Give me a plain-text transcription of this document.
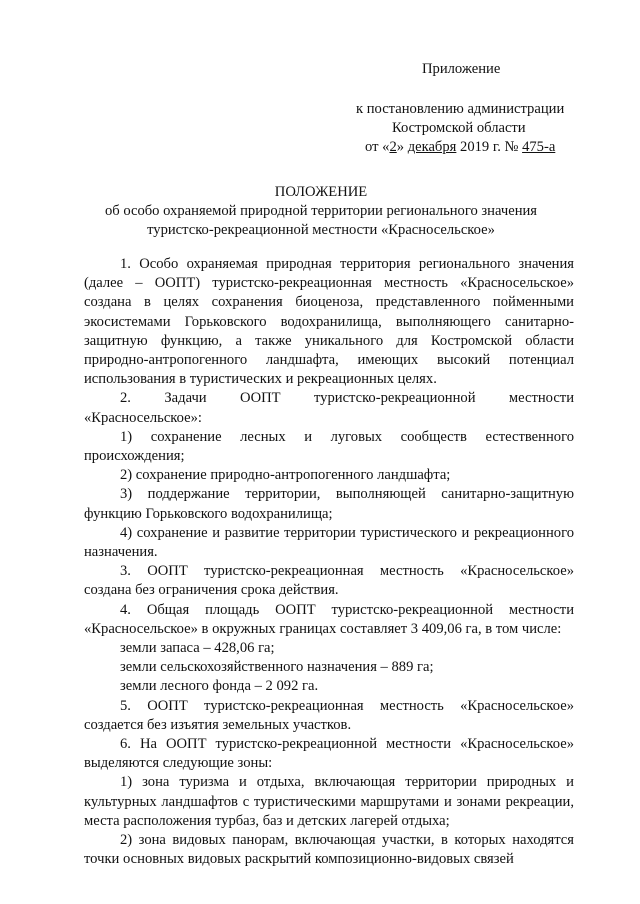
Приложение
к постановлению администрации
Костромской области
от «2» декабря 2019 г. № 475-а
ПОЛОЖЕНИЕ
об особо охраняемой природной территории регионального значения
туристско-рекреационной местности «Красносельское»

1. Особо охраняемая природная территория регионального значения (далее – ООПТ) туристско-рекреационная местность «Красносельское» создана в целях сохранения биоценоза, представленного пойменными экосистемами Горьковского водохранилища, выполняющего санитарно-защитную функцию, а также уникального для Костромской области природно-антропогенного ландшафта, имеющих высокий потенциал использования в туристических и рекреационных целях.

2. Задачи ООПТ туристско-рекреационной местности «Красносельское»:

1) сохранение лесных и луговых сообществ естественного происхождения;

2) сохранение природно-антропогенного ландшафта;

3) поддержание территории, выполняющей санитарно-защитную функцию Горьковского водохранилища;

4) сохранение и развитие территории туристического и рекреационного назначения.

3. ООПТ туристско-рекреационная местность «Красносельское» создана без ограничения срока действия.

4. Общая площадь ООПТ туристско-рекреационной местности «Красносельское» в окружных границах составляет 3 409,06 га, в том числе:

земли запаса – 428,06 га;

земли сельскохозяйственного назначения – 889 га;

земли лесного фонда – 2 092 га.

5. ООПТ туристско-рекреационная местность «Красносельское» создается без изъятия земельных участков.

6. На ООПТ туристско-рекреационной местности «Красносельское» выделяются следующие зоны:

1) зона туризма и отдыха, включающая территории природных и культурных ландшафтов с туристическими маршрутами и зонами рекреации, места расположения турбаз, баз и детских лагерей отдыха;

2) зона видовых панорам, включающая участки, в которых находятся точки основных видовых раскрытий композиционно-видовых связей
